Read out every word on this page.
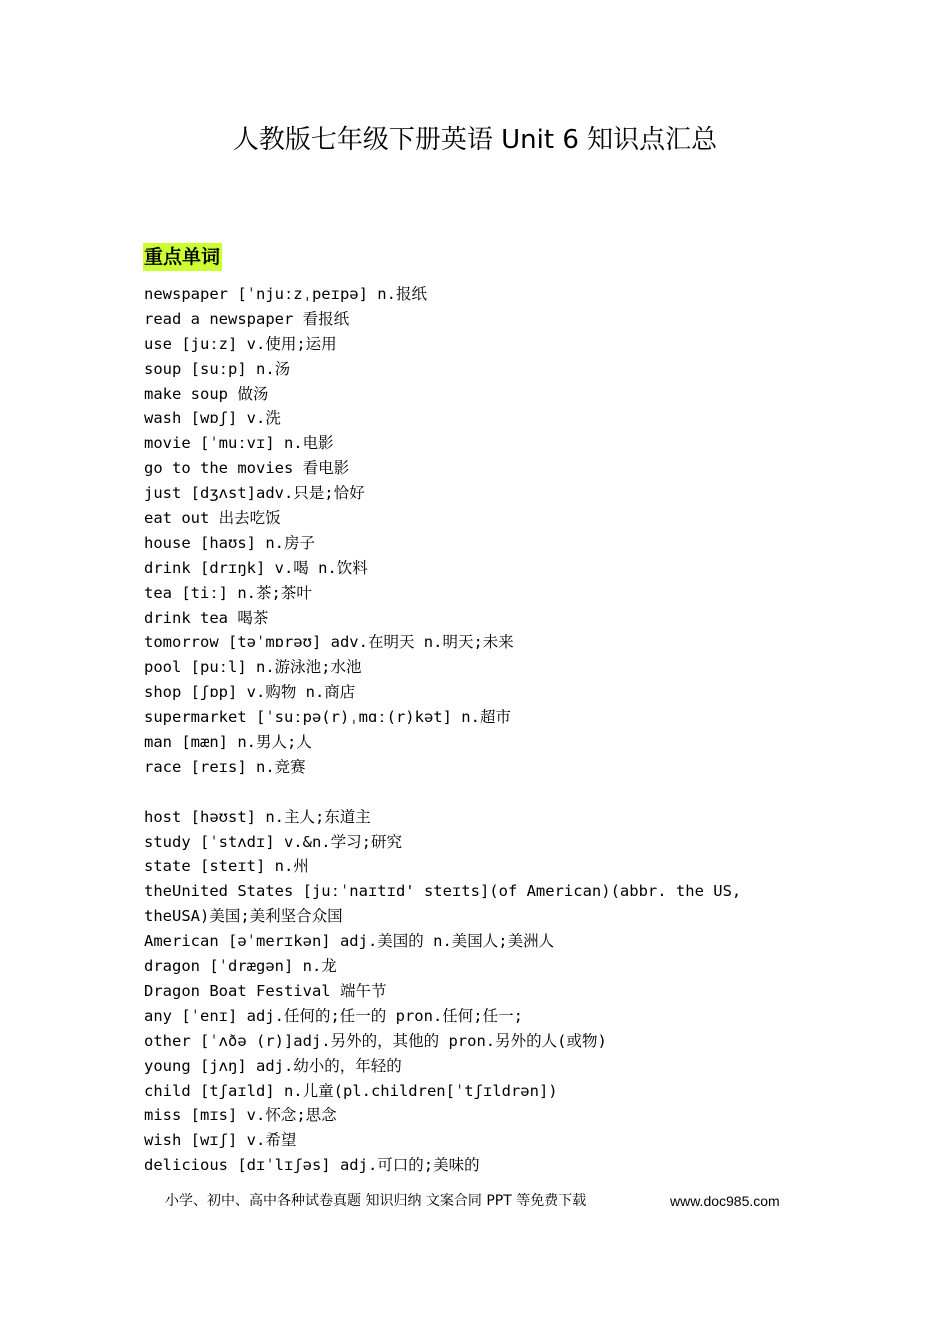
人教版七年级下册英语 Unit 6 知识点汇总
重点单词
newspaper [ˈnjuːzˌpeɪpə] n.报纸
read a newspaper 看报纸
use [juːz] v.使用;运用
soup [suːp] n.汤
make soup 做汤
wash [wɒʃ] v.洗
movie [ˈmuːvɪ] n.电影
go to the movies 看电影
just [dʒʌst]adv.只是;恰好
eat out 出去吃饭
house [haʊs] n.房子
drink [drɪŋk] v.喝 n.饮料
tea [tiː] n.茶;茶叶
drink tea 喝茶
tomorrow [təˈmɒrəʊ] adv.在明天 n.明天;未来
pool [puːl] n.游泳池;水池
shop [ʃɒp] v.购物 n.商店
supermarket [ˈsuːpə(r)ˌmɑː(r)kət] n.超市
man [mæn] n.男人;人
race [reɪs] n.竞赛
host [həʊst] n.主人;东道主
study [ˈstʌdɪ] v.&n.学习;研究
state [steɪt] n.州
theUnited States [juːˈnaɪtɪd' steɪts](of American)(abbr. the US,
theUSA)美国;美利坚合众国
American [əˈmerɪkən] adj.美国的 n.美国人;美洲人
dragon [ˈdrægən] n.龙
Dragon Boat Festival 端午节
any [ˈenɪ] adj.任何的;任一的 pron.任何;任一;
other [ˈʌðə (r)]adj.另外的，其他的 pron.另外的人(或物)
young [jʌŋ] adj.幼小的，年轻的
child [tʃaɪld] n.儿童(pl.children[ˈtʃɪldrən])
miss [mɪs] v.怀念;思念
wish [wɪʃ] v.希望
delicious [dɪˈlɪʃəs] adj.可口的;美味的
小学、初中、高中各种试卷真题 知识归纳 文案合同 PPT 等免费下载	www.doc985.com
